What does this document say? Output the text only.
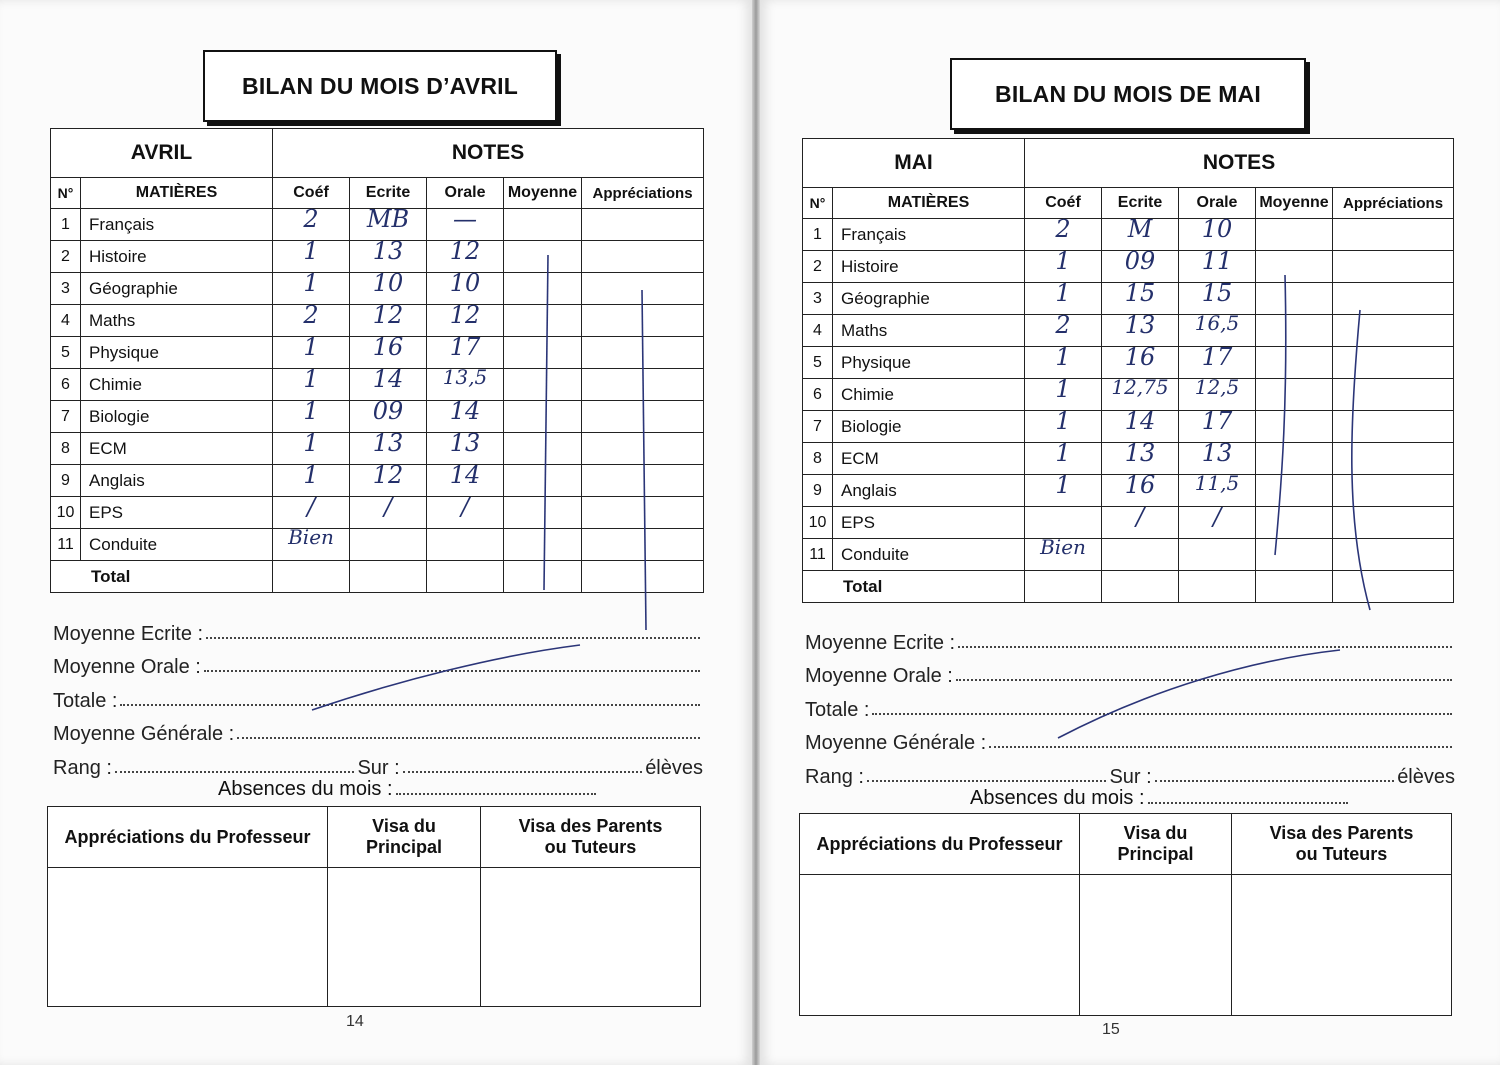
BILAN DU MOIS D’AVRIL
AVRIL		NOTES				
N°	MATIÈRES	Coéf	Ecrite	Orale	Moyenne	Appréciations
1	Français	2	MB	—		

2	Histoire	1	13	12		

3	Géographie	1	10	10		

4	Maths	2	12	12		

5	Physique	1	16	17		

6	Chimie	1	14	13,5		

7	Biologie	1	09	14		

8	ECM	1	13	13		

9	Anglais	1	12	14		

10	EPS	/	/	/		

11	Conduite	Bien				

Total						
Moyenne Ecrite :
Moyenne Orale :
Totale :
Moyenne Générale :
Rang :	Sur :	élèves
Absences du mois :
Appréciations du Professeur	Visa du Principal	Visa des Parents ou Tuteurs

14
BILAN DU MOIS DE MAI
MAI		NOTES				
N°	MATIÈRES	Coéf	Ecrite	Orale	Moyenne	Appréciations
1	Français	2	M	10		

2	Histoire	1	09	11		

3	Géographie	1	15	15		

4	Maths	2	13	16,5		

5	Physique	1	16	17		

6	Chimie	1	12,75	12,5		

7	Biologie	1	14	17		

8	ECM	1	13	13		

9	Anglais	1	16	11,5		

10	EPS		/	/		

11	Conduite	Bien				

Total						
Moyenne Ecrite :
Moyenne Orale :
Totale :
Moyenne Générale :
Rang :	Sur :	élèves
Absences du mois :
Appréciations du Professeur	Visa du Principal	Visa des Parents ou Tuteurs

15
